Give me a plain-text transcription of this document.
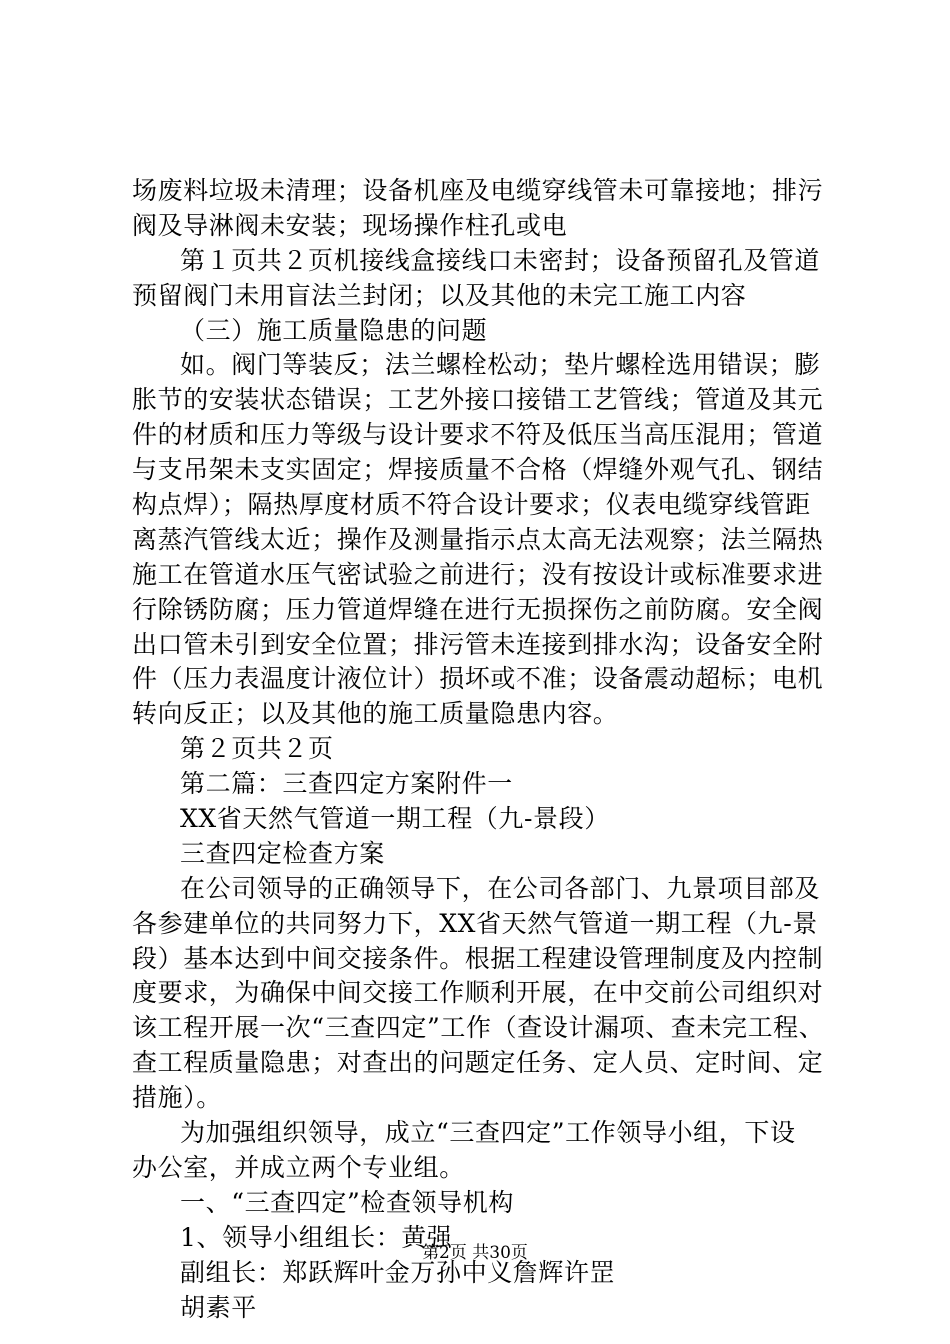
场废料垃圾未清理；设备机座及电缆穿线管未可靠接地；排污
阀及导淋阀未安装；现场操作柱孔或电
第１页共２页机接线盒接线口未密封；设备预留孔及管道
预留阀门未用盲法兰封闭；以及其他的未完工施工内容
（三）施工质量隐患的问题
如。阀门等装反；法兰螺栓松动；垫片螺栓选用错误；膨
胀节的安装状态错误；工艺外接口接错工艺管线；管道及其元
件的材质和压力等级与设计要求不符及低压当高压混用；管道
与支吊架未支实固定；焊接质量不合格（焊缝外观气孔、钢结
构点焊）；隔热厚度材质不符合设计要求；仪表电缆穿线管距
离蒸汽管线太近；操作及测量指示点太高无法观察；法兰隔热
施工在管道水压气密试验之前进行；没有按设计或标准要求进
行除锈防腐；压力管道焊缝在进行无损探伤之前防腐。安全阀
出口管未引到安全位置；排污管未连接到排水沟；设备安全附
件（压力表温度计液位计）损坏或不准；设备震动超标；电机
转向反正；以及其他的施工质量隐患内容。
第２页共２页
第二篇：三查四定方案附件一
XX省天然气管道一期工程（九-景段）
三查四定检查方案
在公司领导的正确领导下，在公司各部门、九景项目部及
各参建单位的共同努力下，XX省天然气管道一期工程（九-景
段）基本达到中间交接条件。根据工程建设管理制度及内控制
度要求，为确保中间交接工作顺利开展，在中交前公司组织对
该工程开展一次“三查四定”工作（查设计漏项、查未完工程、
查工程质量隐患；对查出的问题定任务、定人员、定时间、定
措施）。
为加强组织领导，成立“三查四定”工作领导小组，下设
办公室，并成立两个专业组。
一、“三查四定”检查领导机构
1、领导小组组长：黄强
副组长：郑跃辉叶金万孙中义詹辉许罡
胡素平
第2页 共30页
